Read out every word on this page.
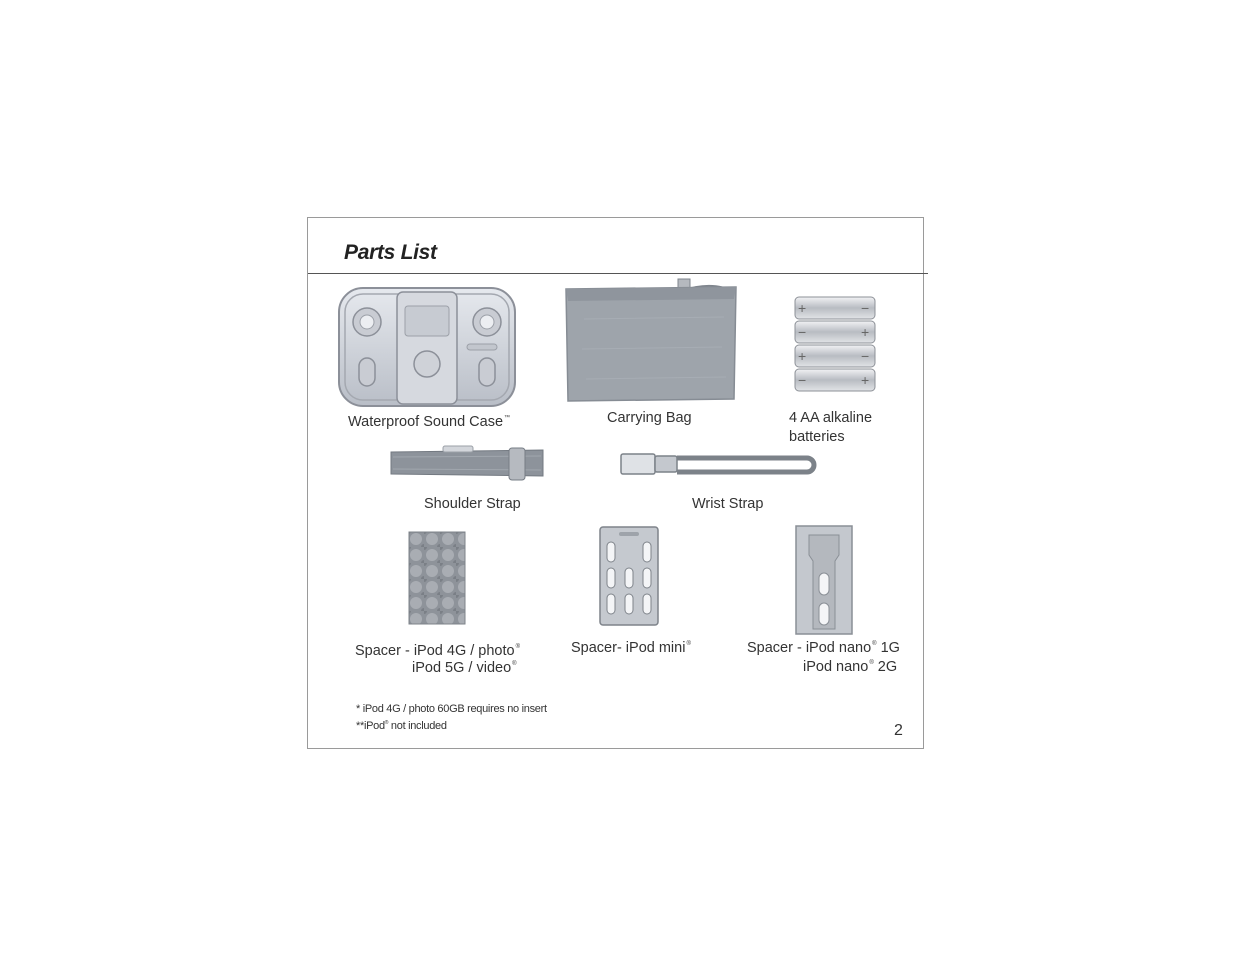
Parts List
Waterproof Sound Case™	Carrying Bag
+	−
−	+
+	−
−	+
4 AA alkaline
batteries
Shoulder Strap	Wrist Strap
Spacer - iPod 4G / photo®
iPod 5G / video®
Spacer- iPod mini®	Spacer - iPod nano® 1G
iPod nano® 2G
* iPod 4G / photo 60GB requires no insert
**iPod® not included	2
